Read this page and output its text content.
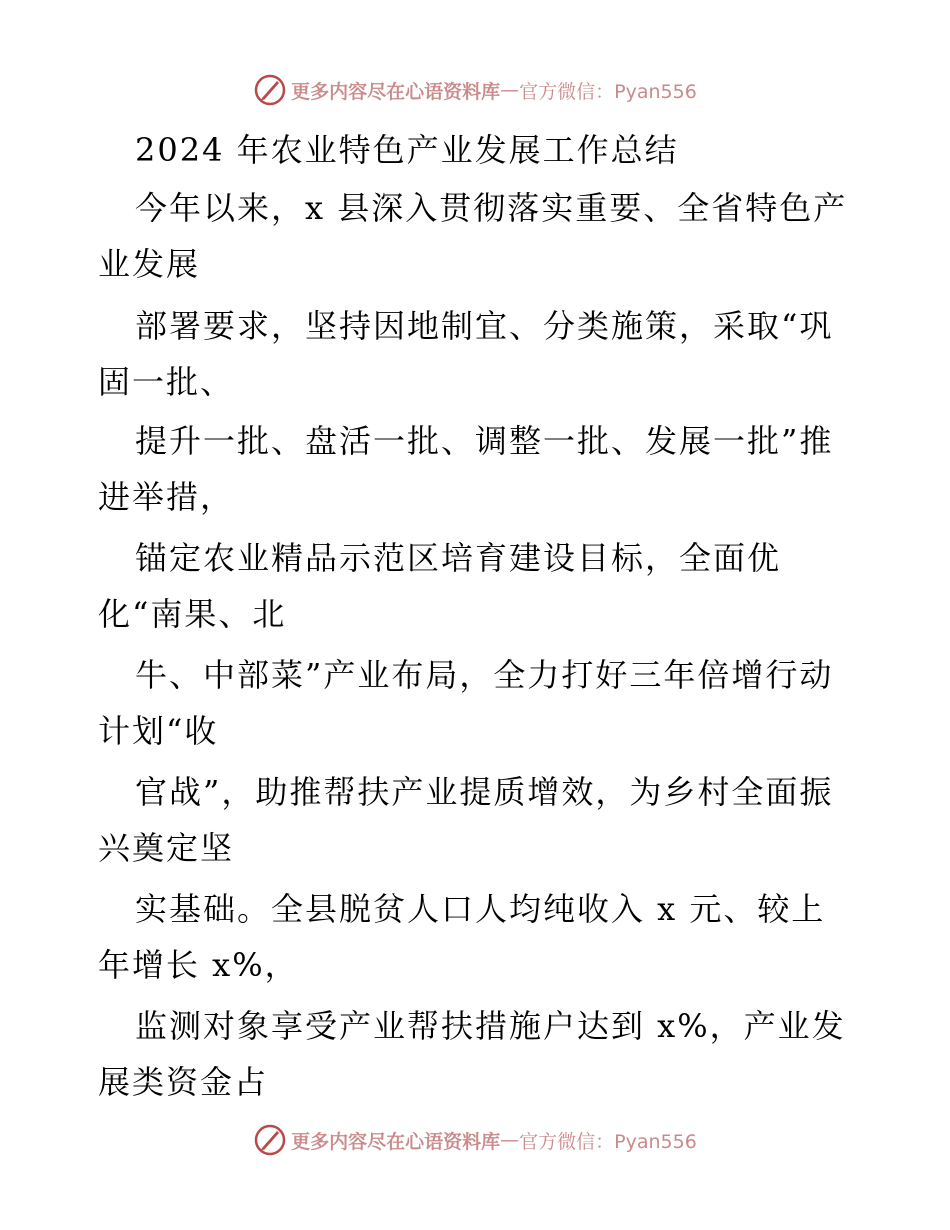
更多内容尽在心语资料库 — 官方微信：Pyan556
2024 年农业特色产业发展工作总结
今年以来，x 县深入贯彻落实重要、全省特色产
业发展
部署要求，坚持因地制宜、分类施策，采取“巩
固一批、
提升一批、盘活一批、调整一批、发展一批”推
进举措，
锚定农业精品示范区培育建设目标，全面优
化“南果、北
牛、中部菜”产业布局，全力打好三年倍增行动
计划“收
官战”，助推帮扶产业提质增效，为乡村全面振
兴奠定坚
实基础。全县脱贫人口人均纯收入 x 元、较上
年增长 x%，
监测对象享受产业帮扶措施户达到 x%，产业发
展类资金占
更多内容尽在心语资料库 — 官方微信：Pyan556
